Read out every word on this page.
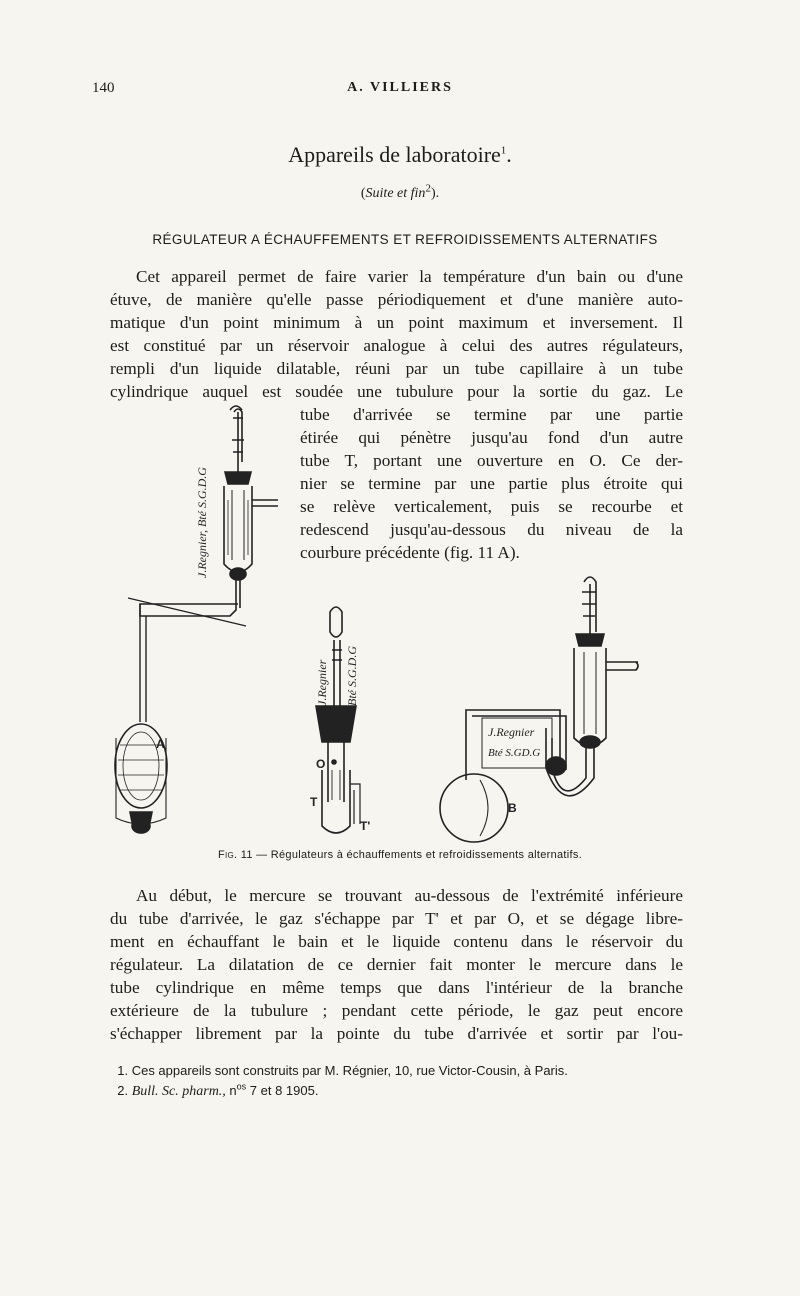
140	A. VILLIERS
Appareils de laboratoire$^1$.
(Suite et fin$^2$).
RÉGULATEUR A ÉCHAUFFEMENTS ET REFROIDISSEMENTS ALTERNATIFS
Cet appareil permet de faire varier la température d'un bain ou d'une
étuve, de manière qu'elle passe périodiquement et d'une manière auto-
matique d'un point minimum à un point maximum et inversement. Il
est constitué par un réservoir analogue à celui des autres régulateurs,
rempli d'un liquide dilatable, réuni par un tube capillaire à un tube
cylindrique auquel est soudée une tubulure pour la sortie du gaz. Le
tube d'arrivée se termine par une partie
étirée qui pénètre jusqu'au fond d'un autre
tube T, portant une ouverture en O. Ce der-
nier se termine par une partie plus étroite qui
se relève verticalement, puis se recourbe et
redescend jusqu'au-dessous du niveau de la
courbure précédente (fig. 11 A).
A
J.Regnier, Bté S.G.D.G
O
T
T'
J.Regnier Bté S.G.D.G
J.Regnier
Bté S.GD.G
B
Fig. 11 — Régulateurs à échauffements et refroidissements alternatifs.
Au début, le mercure se trouvant au-dessous de l'extrémité inférieure
du tube d'arrivée, le gaz s'échappe par T' et par O, et se dégage libre-
ment en échauffant le bain et le liquide contenu dans le réservoir du
régulateur. La dilatation de ce dernier fait monter le mercure dans le
tube cylindrique en même temps que dans l'intérieur de la branche
extérieure de la tubulure ; pendant cette période, le gaz peut encore
s'échapper librement par la pointe du tube d'arrivée et sortir par l'ou-
1. Ces appareils sont construits par M. Régnier, 10, rue Victor-Cousin, à Paris.
2. Bull. Sc. pharm., $n^{os}$ 7 et 8 1905.
